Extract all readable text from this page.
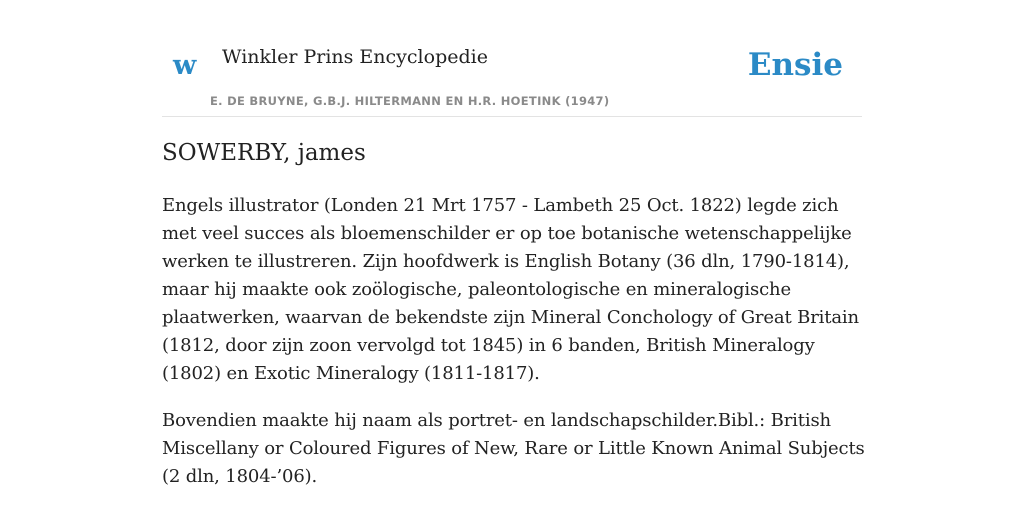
w Winkler Prins Encyclopedie
E. DE BRUYNE, G.B.J. HILTERMANN EN H.R. HOETINK (1947)
Ensie
SOWERBY, james

Engels illustrator (Londen 21 Mrt 1757 - Lambeth 25 Oct. 1822) legde zich met veel succes als bloemenschilder er op toe botanische wetenschappelijke werken te illustreren. Zijn hoofdwerk is English Botany (36 dln, 1790-1814), maar hij maakte ook zoölogische, paleontologische en mineralogische plaatwerken, waarvan de bekendste zijn Mineral Conchology of Great Britain (1812, door zijn zoon vervolgd tot 1845) in 6 banden, British Mineralogy (1802) en Exotic Mineralogy (1811-1817).

Bovendien maakte hij naam als portret- en landschapschilder.Bibl.: British Miscellany or Coloured Figures of New, Rare or Little Known Animal Subjects (2 dln, 1804-’06).
